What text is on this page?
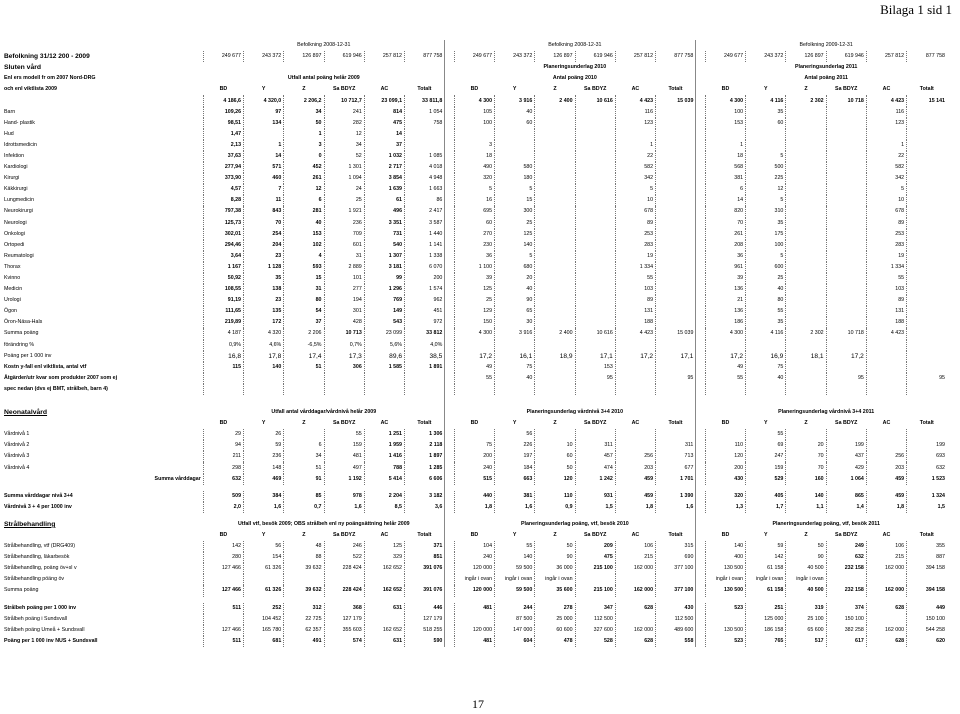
Bilaga 1 sid 1
		Befolkning 2008-12-31							Befolkning 2008-12-31							Befolkning 2009-12-31					
Befolkning 31/12 200 - 2009		249 677	243 372	126 897	619 946	257 812	877 758		249 677	243 372	126 897	619 946	257 812	877 758		249 677	243 372	126 897	619 946	257 812	877 758
Sluten vård									Planeringsunderlag 2010							Planeringsunderlag 2011					
Enl ers modell fr om 2007 Nord-DRG		Utfall antal poäng helår 2009							Antal poäng 2010							Antal poäng 2011					
och enl viktlista 2009		BD	Y	Z	Sa BDYZ	AC	Totalt		BD	Y	Z	Sa BDYZ	AC	Totalt		BD	Y	Z	Sa BDYZ	AC	Totalt
		4 186,6	4 320,0	2 206,2	10 712,7	23 099,1	33 811,8		4 300	3 916	2 400	10 616	4 423	15 039		4 300	4 116	2 302	10 718	4 423	15 141
Barn		109,26	97	34	241	814	1 054		105	40			116			100	35			116	
Hand- plastik		98,51	134	50	282	475	758		100	60			123			153	60			123	
Hud		1,47		1	12	14															
Idrottsmedicin		2,13	1	3	34	37			3				1			1				1	
Infektion		37,63	14	0	52	1 032	1 085		18				22			18	5			22	
Kardiologi		277,94	571	452	1 301	2 717	4 018		490	580			582			568	500			582	
Kirurgi		373,90	460	261	1 094	3 854	4 948		320	180			342			381	225			342	
Käkkirurgi		4,57	7	12	24	1 639	1 663		5	5			5			6	12			5	
Lungmedicin		8,28	11	6	25	61	86		16	15			10			14	5			10	
Neurokirurgi		797,38	843	281	1 921	496	2 417		695	300			678			820	310			678	
Neurologi		125,73	70	40	236	3 351	3 587		60	25			89			70	35			89	
Onkologi		302,01	254	153	709	731	1 440		270	125			253			261	175			253	
Ortopedi		294,46	204	102	601	540	1 141		230	140			283			208	100			283	
Reumatologi		3,64	23	4	31	1 307	1 338		36	5			19			36	5			19	
Thorax		1 167	1 128	593	2 889	3 181	6 070		1 100	680			1 334			961	600			1 334	
Kvinno		50,92	35	15	101	99	200		39	20			55			39	25			55	
Medicin		108,55	138	31	277	1 296	1 574		125	40			103			136	40			103	
Urologi		91,19	23	80	194	769	962		25	90			89			21	80			89	
Ögon		111,65	135	54	301	149	451		129	65			131			136	55			131	
Öron-Näsa-Hals		219,89	172	37	428	543	972		150	30			188			186	35			188	
Summa poäng		4 187	4 320	2 206	10 713	23 099	33 812		4 300	3 916	2 400	10 616	4 423	15 039		4 300	4 116	2 302	10 718	4 423	
förändring %		0,9%	4,6%	-6,5%	0,7%	5,6%	4,0%														
Poäng per 1 000 inv		16,8	17,8	17,4	17,3	89,6	38,5		17,2	16,1	18,9	17,1	17,2	17,1		17,2	16,9	18,1	17,2		
Kostn y-fall enl viktlista, antal vtf		115	140	51	306	1 585	1 891		49	75		153				49	75				
Åtgärder/utr kvar som produkter 2007 som ej									55	40		95		95		55	40		95		95
spec nedan (dvs ej BMT, strålbeh, barn 4)																					

Neonatalvård		Utfall antal vårddagar/vårdnivå helår 2009							Planeringsunderlag vårdnivå 3+4 2010							Planeringsunderlag vårdnivå 3+4 2011					
		BD	Y	Z	Sa BDYZ	AC	Totalt		BD	Y	Z	Sa BDYZ	AC	Totalt		BD	Y	Z	Sa BDYZ	AC	Totalt
Vårdnivå 1		29	26		55	1 251	1 306			56							55				
Vårdnivå 2		94	59	6	159	1 959	2 118		75	226	10	311		311		110	69	20	199		199
Vårdnivå 3		211	236	34	481	1 416	1 897		200	197	60	457	256	713		120	247	70	437	256	693
Vårdnivå 4		298	148	51	497	788	1 285		240	184	50	474	203	677		200	159	70	429	203	632
Summa vårddagar		632	469	91	1 192	5 414	6 606		515	663	120	1 242	459	1 701		430	529	160	1 064	459	1 523

Summa vårddagar nivå 3+4		509	384	85	978	2 204	3 182		440	381	110	931	459	1 390		320	405	140	865	459	1 324
Vårdnivå 3 + 4 per 1000 inv		2,0	1,6	0,7	1,6	8,5	3,6		1,8	1,6	0,9	1,5	1,8	1,6		1,3	1,7	1,1	1,4	1,8	1,5

Strålbehandling		Utfall vtf, besök 2009; OBS strålbeh enl ny poängsättning helår 2009							Planeringsunderlag poäng, vtf, besök 2010							Planeringsunderlag poäng, vtf, besök 2011					
		BD	Y	Z	Sa BDYZ	AC	Totalt		BD	Y	Z	Sa BDYZ	AC	Totalt		BD	Y	Z	Sa BDYZ	AC	Totalt
Strålbehandling, vtf (DRG409)		142	56	48	246	125	371		104	55	50	209	106	315		140	59	50	249	106	355
Strålbehandling, läkarbesök		280	154	88	522	329	851		240	140	90	475	215	690		400	142	90	632	215	887
Strålbehandling, poäng öv+sl v		127 466	61 326	39 632	228 424	162 652	391 076		120 000	59 500	36 000	215 100	162 000	377 100		130 500	61 158	40 500	232 158	162 000	394 158
Strålbehandling pöäng öv									ingår i ovan	ingår i ovan	ingår i ovan					ingår i ovan	ingår i ovan	ingår i ovan			
Summa poäng		127 466	61 326	39 632	228 424	162 652	391 076		120 000	59 500	35 600	215 100	162 000	377 100		130 500	61 158	40 500	232 158	162 000	394 158

Strålbeh poäng per 1 000 inv		511	252	312	368	631	446		481	244	278	347	628	430		523	251	319	374	628	449
Strålbeh poäng i Sundsvall			104 452	22 725	127 179		127 179			87 500	25 000	112 500		112 500			125 000	25 100	150 100		150 100
Strålbeh poäng Umeå + Sundsvall		127 466	165 780	62 357	355 603	162 652	518 255		120 000	147 000	60 600	327 600	162 000	489 600		130 500	186 158	65 600	382 258	162 000	544 258
Poäng per 1 000 inv NUS + Sundsvall		511	681	491	574	631	590		481	604	478	528	628	558		523	765	517	617	628	620
17
